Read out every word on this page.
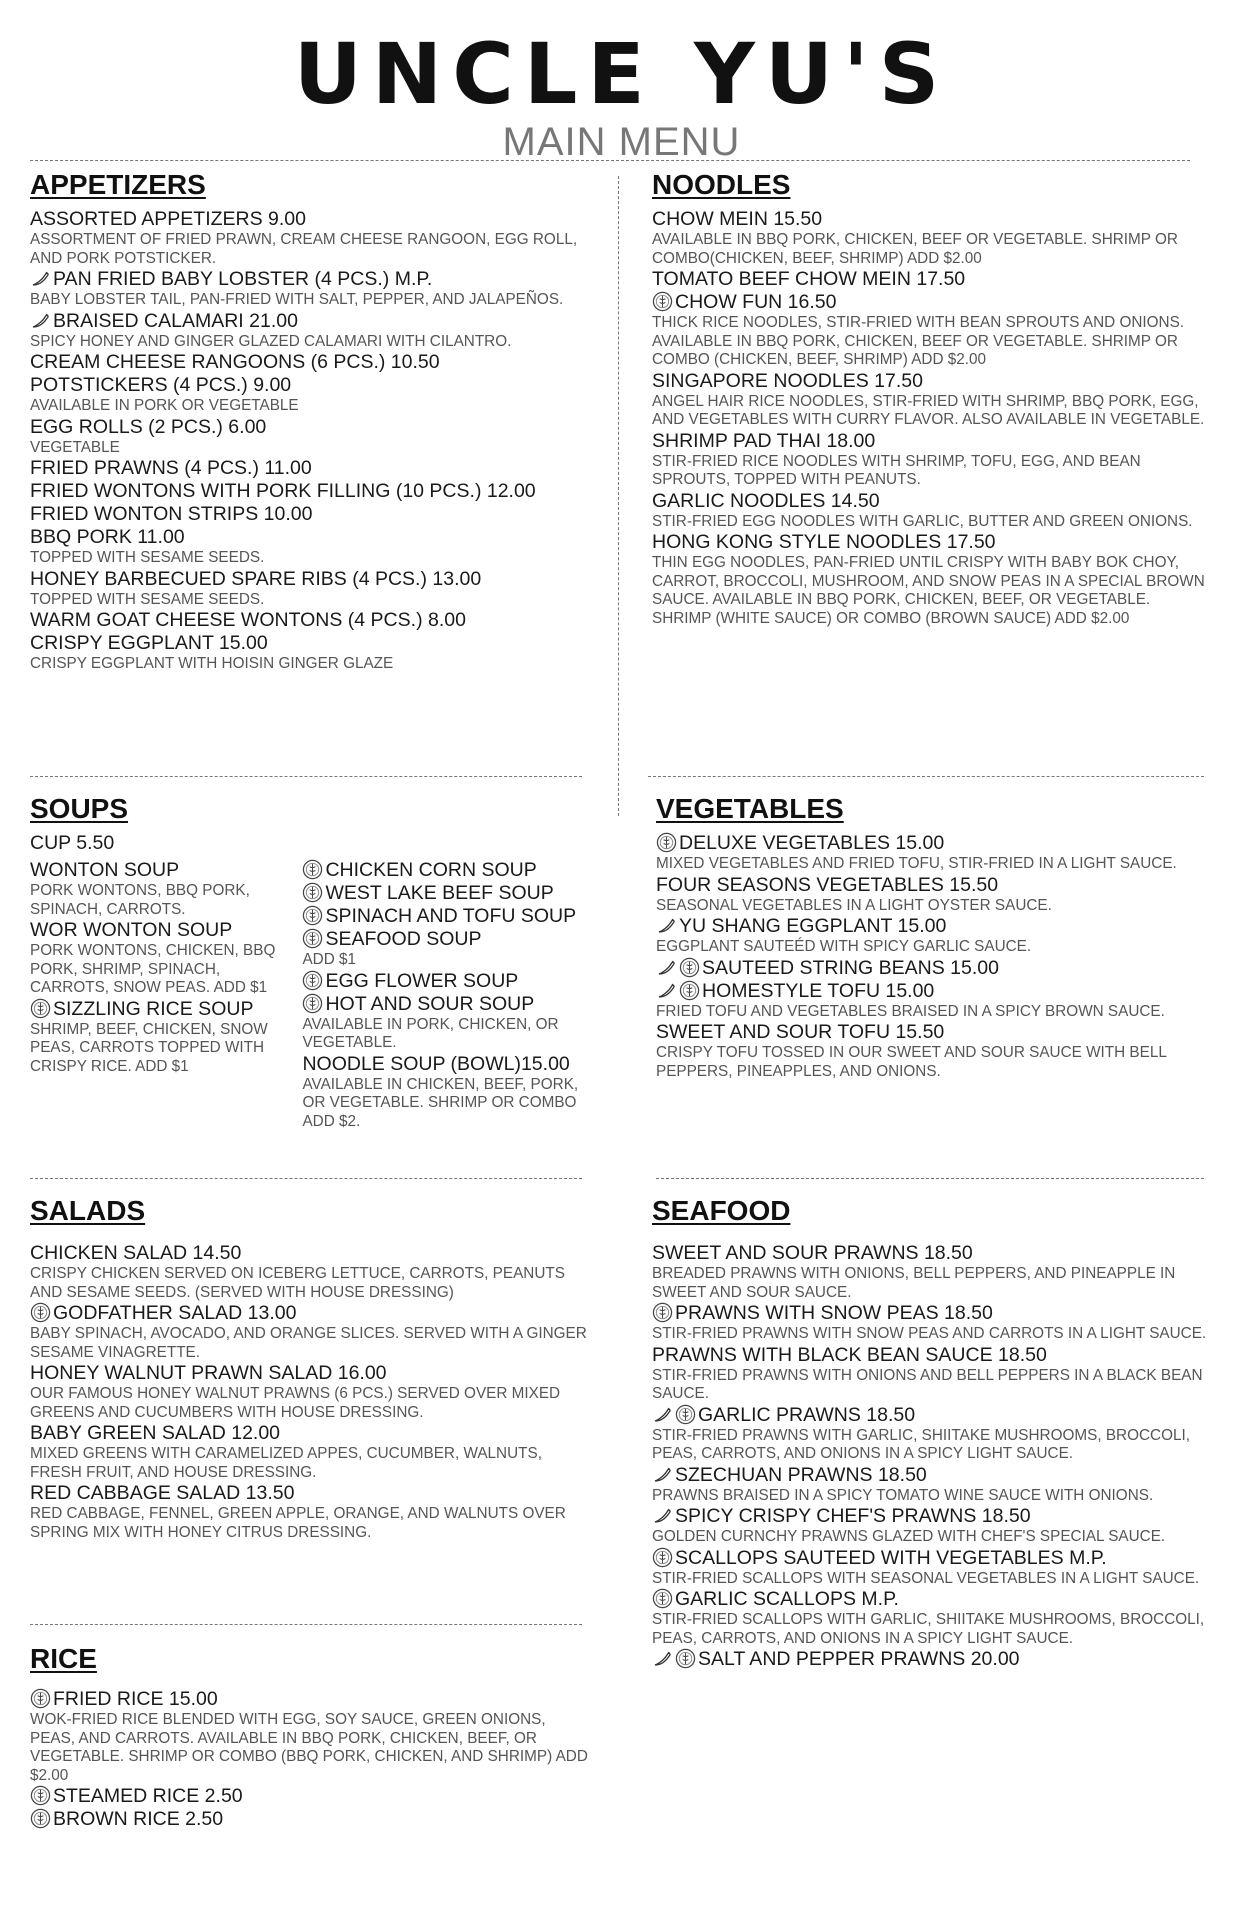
UNCLE YU'S
MAIN MENU
APPETIZERS
ASSORTED APPETIZERS 9.00
ASSORTMENT OF FRIED PRAWN, CREAM CHEESE RANGOON, EGG ROLL, AND PORK POTSTICKER.
PAN FRIED BABY LOBSTER (4 PCS.) M.P.
BABY LOBSTER TAIL, PAN-FRIED WITH SALT, PEPPER, AND JALAPEÑOS.
BRAISED CALAMARI 21.00
SPICY HONEY AND GINGER GLAZED CALAMARI WITH CILANTRO.
CREAM CHEESE RANGOONS (6 PCS.) 10.50
POTSTICKERS (4 PCS.) 9.00
AVAILABLE IN PORK OR VEGETABLE
EGG ROLLS (2 PCS.) 6.00
VEGETABLE
FRIED PRAWNS (4 PCS.) 11.00
FRIED WONTONS WITH PORK FILLING (10 PCS.) 12.00
FRIED WONTON STRIPS 10.00
BBQ PORK 11.00
TOPPED WITH SESAME SEEDS.
HONEY BARBECUED SPARE RIBS (4 PCS.) 13.00
TOPPED WITH SESAME SEEDS.
WARM GOAT CHEESE WONTONS (4 PCS.) 8.00
CRISPY EGGPLANT 15.00
CRISPY EGGPLANT WITH HOISIN GINGER GLAZE
NOODLES
CHOW MEIN 15.50
AVAILABLE IN BBQ PORK, CHICKEN, BEEF OR VEGETABLE. SHRIMP OR COMBO(CHICKEN, BEEF, SHRIMP) ADD $2.00
TOMATO BEEF CHOW MEIN 17.50
CHOW FUN 16.50
THICK RICE NOODLES, STIR-FRIED WITH BEAN SPROUTS AND ONIONS. AVAILABLE IN BBQ PORK, CHICKEN, BEEF OR VEGETABLE. SHRIMP OR COMBO (CHICKEN, BEEF, SHRIMP) ADD $2.00
SINGAPORE NOODLES 17.50
ANGEL HAIR RICE NOODLES, STIR-FRIED WITH SHRIMP, BBQ PORK, EGG, AND VEGETABLES WITH CURRY FLAVOR. ALSO AVAILABLE IN VEGETABLE.
SHRIMP PAD THAI 18.00
STIR-FRIED RICE NOODLES WITH SHRIMP, TOFU, EGG, AND BEAN SPROUTS, TOPPED WITH PEANUTS.
GARLIC NOODLES 14.50
STIR-FRIED EGG NOODLES WITH GARLIC, BUTTER AND GREEN ONIONS.
HONG KONG STYLE NOODLES 17.50
THIN EGG NOODLES, PAN-FRIED UNTIL CRISPY WITH BABY BOK CHOY, CARROT, BROCCOLI, MUSHROOM, AND SNOW PEAS IN A SPECIAL BROWN SAUCE. AVAILABLE IN BBQ PORK, CHICKEN, BEEF, OR VEGETABLE. SHRIMP (WHITE SAUCE) OR COMBO (BROWN SAUCE) ADD $2.00
SOUPS
CUP 5.50
WONTON SOUP
PORK WONTONS, BBQ PORK, SPINACH, CARROTS.
WOR WONTON SOUP
PORK WONTONS, CHICKEN, BBQ PORK, SHRIMP, SPINACH, CARROTS, SNOW PEAS. ADD $1
SIZZLING RICE SOUP
SHRIMP, BEEF, CHICKEN, SNOW PEAS, CARROTS TOPPED WITH CRISPY RICE. ADD $1

CHICKEN CORN SOUP
WEST LAKE BEEF SOUP
SPINACH AND TOFU SOUP
SEAFOOD SOUP
ADD $1
EGG FLOWER SOUP
HOT AND SOUR SOUP
AVAILABLE IN PORK, CHICKEN, OR VEGETABLE.
NOODLE SOUP (BOWL)15.00
AVAILABLE IN CHICKEN, BEEF, PORK, OR VEGETABLE. SHRIMP OR COMBO ADD $2.
VEGETABLES
DELUXE VEGETABLES 15.00
MIXED VEGETABLES AND FRIED TOFU, STIR-FRIED IN A LIGHT SAUCE.
FOUR SEASONS VEGETABLES 15.50
SEASONAL VEGETABLES IN A LIGHT OYSTER SAUCE.
YU SHANG EGGPLANT 15.00
EGGPLANT SAUTEÉD WITH SPICY GARLIC SAUCE.
SAUTEED STRING BEANS 15.00
HOMESTYLE TOFU 15.00
FRIED TOFU AND VEGETABLES BRAISED IN A SPICY BROWN SAUCE.
SWEET AND SOUR TOFU 15.50
CRISPY TOFU TOSSED IN OUR SWEET AND SOUR SAUCE WITH BELL PEPPERS, PINEAPPLES, AND ONIONS.
SALADS
CHICKEN SALAD 14.50
CRISPY CHICKEN SERVED ON ICEBERG LETTUCE, CARROTS, PEANUTS AND SESAME SEEDS. (SERVED WITH HOUSE DRESSING)
GODFATHER SALAD 13.00
BABY SPINACH, AVOCADO, AND ORANGE SLICES. SERVED WITH A GINGER SESAME VINAGRETTE.
HONEY WALNUT PRAWN SALAD 16.00
OUR FAMOUS HONEY WALNUT PRAWNS (6 PCS.) SERVED OVER MIXED GREENS AND CUCUMBERS WITH HOUSE DRESSING.
BABY GREEN SALAD 12.00
MIXED GREENS WITH CARAMELIZED APPES, CUCUMBER, WALNUTS, FRESH FRUIT, AND HOUSE DRESSING.
RED CABBAGE SALAD 13.50
RED CABBAGE, FENNEL, GREEN APPLE, ORANGE, AND WALNUTS OVER SPRING MIX WITH HONEY CITRUS DRESSING.
SEAFOOD
SWEET AND SOUR PRAWNS 18.50
BREADED PRAWNS WITH ONIONS, BELL PEPPERS, AND PINEAPPLE IN SWEET AND SOUR SAUCE.
PRAWNS WITH SNOW PEAS 18.50
STIR-FRIED PRAWNS WITH SNOW PEAS AND CARROTS IN A LIGHT SAUCE.
PRAWNS WITH BLACK BEAN SAUCE 18.50
STIR-FRIED PRAWNS WITH ONIONS AND BELL PEPPERS IN A BLACK BEAN SAUCE.
GARLIC PRAWNS 18.50
STIR-FRIED PRAWNS WITH GARLIC, SHIITAKE MUSHROOMS, BROCCOLI, PEAS, CARROTS, AND ONIONS IN A SPICY LIGHT SAUCE.
SZECHUAN PRAWNS 18.50
PRAWNS BRAISED IN A SPICY TOMATO WINE SAUCE WITH ONIONS.
SPICY CRISPY CHEF'S PRAWNS 18.50
GOLDEN CURNCHY PRAWNS GLAZED WITH CHEF'S SPECIAL SAUCE.
SCALLOPS SAUTEED WITH VEGETABLES M.P.
STIR-FRIED SCALLOPS WITH SEASONAL VEGETABLES IN A LIGHT SAUCE.
GARLIC SCALLOPS M.P.
STIR-FRIED SCALLOPS WITH GARLIC, SHIITAKE MUSHROOMS, BROCCOLI, PEAS, CARROTS, AND ONIONS IN A SPICY LIGHT SAUCE.
SALT AND PEPPER PRAWNS 20.00
RICE
FRIED RICE 15.00
WOK-FRIED RICE BLENDED WITH EGG, SOY SAUCE, GREEN ONIONS, PEAS, AND CARROTS. AVAILABLE IN BBQ PORK, CHICKEN, BEEF, OR VEGETABLE. SHRIMP OR COMBO (BBQ PORK, CHICKEN, AND SHRIMP) ADD $2.00
STEAMED RICE 2.50
BROWN RICE 2.50
